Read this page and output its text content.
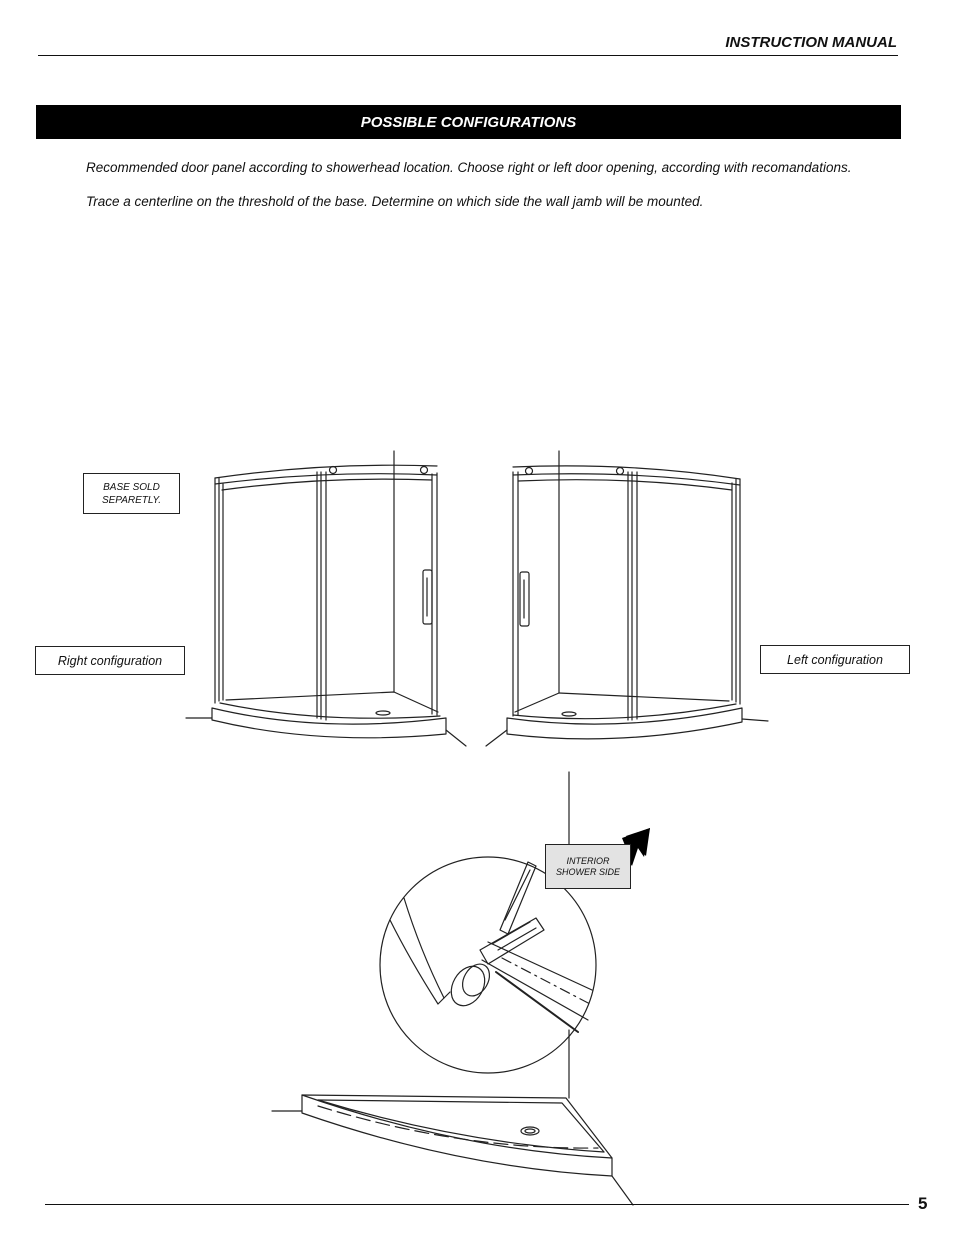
INSTRUCTION MANUAL
POSSIBLE CONFIGURATIONS
Recommended door panel according to showerhead location. Choose right or left door opening, according with recomandations.
Trace a centerline on the threshold of the base. Determine on which side the wall jamb will be mounted.
BASE SOLD
SEPARETLY.
Right configuration	Left configuration
INTERIOR
SHOWER SIDE
5
